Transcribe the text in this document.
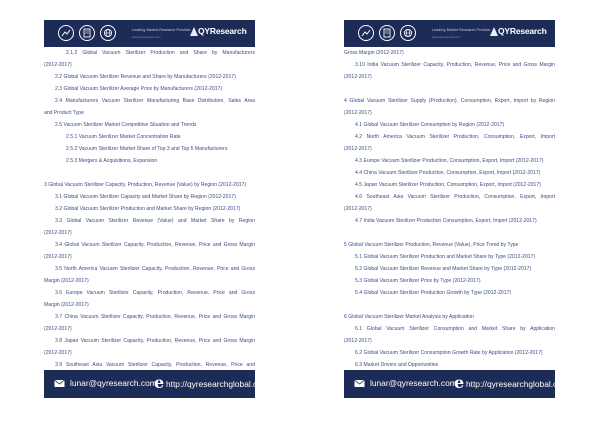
Leading Market Research Provider
www.qyresearch.com
QYResearch
2.1.2 Global Vacuum Sterilizer Production and Share by Manufacturers
(2012-2017)
2.2 Global Vacuum Sterilizer Revenue and Share by Manufacturers (2012-2017)
2.3 Global Vacuum Sterilizer Average Price by Manufacturers (2012-2017)
2.4 Manufacturers Vacuum Sterilizer Manufacturing Base Distribution, Sales Area
and Product Type
2.5 Vacuum Sterilizer Market Competitive Situation and Trends
2.5.1 Vacuum Sterilizer Market Concentration Rate
2.5.2 Vacuum Sterilizer Market Share of Top 3 and Top 5 Manufacturers
2.5.3 Mergers & Acquisitions, Expansion
3 Global Vacuum Sterilizer Capacity, Production, Revenue (Value) by Region (2012-2017)
3.1 Global Vacuum Sterilizer Capacity and Market Share by Region (2012-2017)
3.2 Global Vacuum Sterilizer Production and Market Share by Region (2012-2017)
3.3 Global Vacuum Sterilizer Revenue (Value) and Market Share by Region
(2012-2017)
3.4 Global Vacuum Sterilizer Capacity, Production, Revenue, Price and Gross Margin
(2012-2017)
3.5 North America Vacuum Sterilizer Capacity, Production, Revenue, Price and Gross
Margin (2012-2017)
3.6 Europe Vacuum Sterilizer Capacity, Production, Revenue, Price and Gross
Margin (2012-2017)
3.7 China Vacuum Sterilizer Capacity, Production, Revenue, Price and Gross Margin
(2012-2017)
3.8 Japan Vacuum Sterilizer Capacity, Production, Revenue, Price and Gross Margin
(2012-2017)
3.9 Southeast Asia Vacuum Sterilizer Capacity, Production, Revenue, Price and
lunar@qyresearch.com
e http://qyresearchglobal.com
Leading Market Research Provider
www.qyresearch.com
QYResearch
Gross Margin (2012-2017)
3.10 India Vacuum Sterilizer Capacity, Production, Revenue, Price and Gross Margin
(2012-2017)
4 Global Vacuum Sterilizer Supply (Production), Consumption, Export, Import by Region
(2012-2017)
4.1 Global Vacuum Sterilizer Consumption by Region (2012-2017)
4.2 North America Vacuum Sterilizer Production, Consumption, Export, Import
(2012-2017)
4.3 Europe Vacuum Sterilizer Production, Consumption, Export, Import (2012-2017)
4.4 China Vacuum Sterilizer Production, Consumption, Export, Import (2012-2017)
4.5 Japan Vacuum Sterilizer Production, Consumption, Export, Import (2012-2017)
4.6 Southeast Asia Vacuum Sterilizer Production, Consumption, Export, Import
(2012-2017)
4.7 India Vacuum Sterilizer Production Consumption, Export, Import (2012-2017)
5 Global Vacuum Sterilizer Production, Revenue (Value), Price Trend by Type
5.1 Global Vacuum Sterilizer Production and Market Share by Type (2012-2017)
5.2 Global Vacuum Sterilizer Revenue and Market Share by Type (2012-2017)
5.3 Global Vacuum Sterilizer Price by Type (2012-2017)
5.4 Global Vacuum Sterilizer Production Growth by Type (2012-2017)
6 Global Vacuum Sterilizer Market Analysis by Application
6.1 Global Vacuum Sterilizer Consumption and Market Share by Application
(2012-2017)
6.2 Global Vacuum Sterilizer Consumption Growth Rate by Application (2012-2017)
6.3 Market Drivers and Opportunities
lunar@qyresearch.com
e http://qyresearchglobal.com
